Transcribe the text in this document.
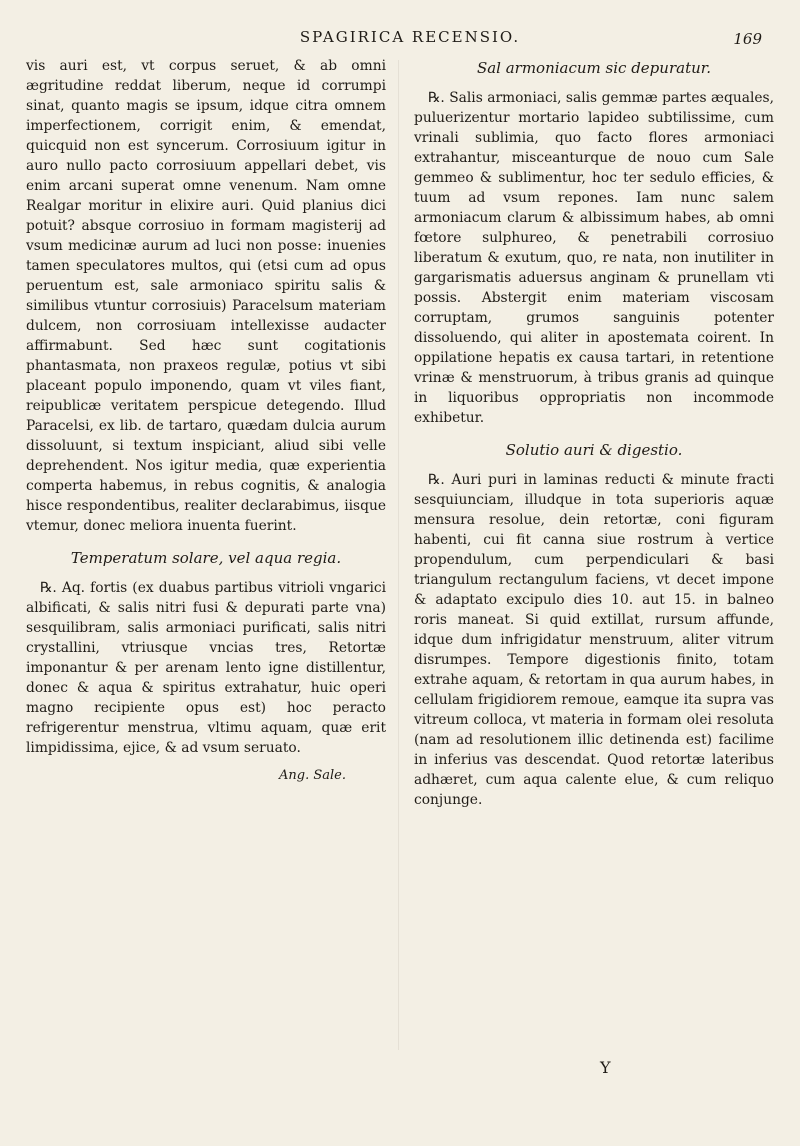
SPAGIRICA RECENSIO.	169

vis auri est, vt corpus seruet, & ab omni ægritudine reddat liberum, neque id corrumpi sinat, quanto magis se ipsum, idque citra omnem imperfectionem, corrigit enim, & emendat, quicquid non est syncerum. Corrosiuum igitur in auro nullo pacto corrosiuum appellari debet, vis enim arcani superat omne venenum. Nam omne Realgar moritur in elixire auri. Quid planius dici potuit? absque corrosiuo in formam magisterij ad vsum medicinæ aurum ad luci non posse: inuenies tamen speculatores multos, qui (etsi cum ad opus peruentum est, sale armoniaco spiritu salis & similibus vtuntur corrosiuis) Paracelsum materiam dulcem, non corrosiuam intellexisse audacter affirmabunt. Sed hæc sunt cogitationis phantasmata, non praxeos regulæ, potius vt sibi placeant populo imponendo, quam vt viles fiant, reipublicæ veritatem perspicue detegendo. Illud Paracelsi, ex lib. de tartaro, quædam dulcia aurum dissoluunt, si textum inspiciant, aliud sibi velle deprehendent. Nos igitur media, quæ experientia comperta habemus, in rebus cognitis, & analogia hisce respondentibus, realiter declarabimus, iisque vtemur, donec meliora inuenta fuerint.

Temperatum solare, vel aqua regia.

℞. Aq. fortis (ex duabus partibus vitrioli vngarici albificati, & salis nitri fusi & depurati parte vna) sesquilibram, salis armoniaci purificati, salis nitri crystallini, vtriusque vncias tres, Retortæ imponantur & per arenam lento igne distillentur, donec & aqua & spiritus extrahatur, huic operi magno recipiente opus est) hoc peracto refrigerentur menstrua, vltimu aquam, quæ erit limpidissima, ejice, & ad vsum seruato.

Ang. Sale.
Sal armoniacum sic depuratur.

℞. Salis armoniaci, salis gemmæ partes æquales, puluerizentur mortario lapideo subtilissime, cum vrinali sublimia, quo facto flores armoniaci extrahantur, misceanturque de nouo cum Sale gemmeo & sublimentur, hoc ter sedulo efficies, & tuum ad vsum repones. Iam nunc salem armoniacum clarum & albissimum habes, ab omni fœtore sulphureo, & penetrabili corrosiuo liberatum & exutum, quo, re nata, non inutiliter in gargarismatis aduersus anginam & prunellam vti possis. Abstergit enim materiam viscosam corruptam, grumos sanguinis potenter dissoluendo, qui aliter in apostemata coirent. In oppilatione hepatis ex causa tartari, in retentione vrinæ & menstruorum, à tribus granis ad quinque in liquoribus oppropriatis non incommode exhibetur.

Solutio auri & digestio.

℞. Auri puri in laminas reducti & minute fracti sesquiunciam, illudque in tota superioris aquæ mensura resolue, dein retortæ, coni figuram habenti, cui fit canna siue rostrum à vertice propendulum, cum perpendiculari & basi triangulum rectangulum faciens, vt decet impone & adaptato excipulo dies 10. aut 15. in balneo roris maneat. Si quid extillat, rursum affunde, idque dum infrigidatur menstruum, aliter vitrum disrumpes. Tempore digestionis finito, totam extrahe aquam, & retortam in qua aurum habes, in cellulam frigidiorem remoue, eamque ita supra vas vitreum colloca, vt materia in formam olei resoluta (nam ad resolutionem illic detinenda est) facilime in inferius vas descendat. Quod retortæ lateribus adhæret, cum aqua calente elue, & cum reliquo conjunge.

Y
